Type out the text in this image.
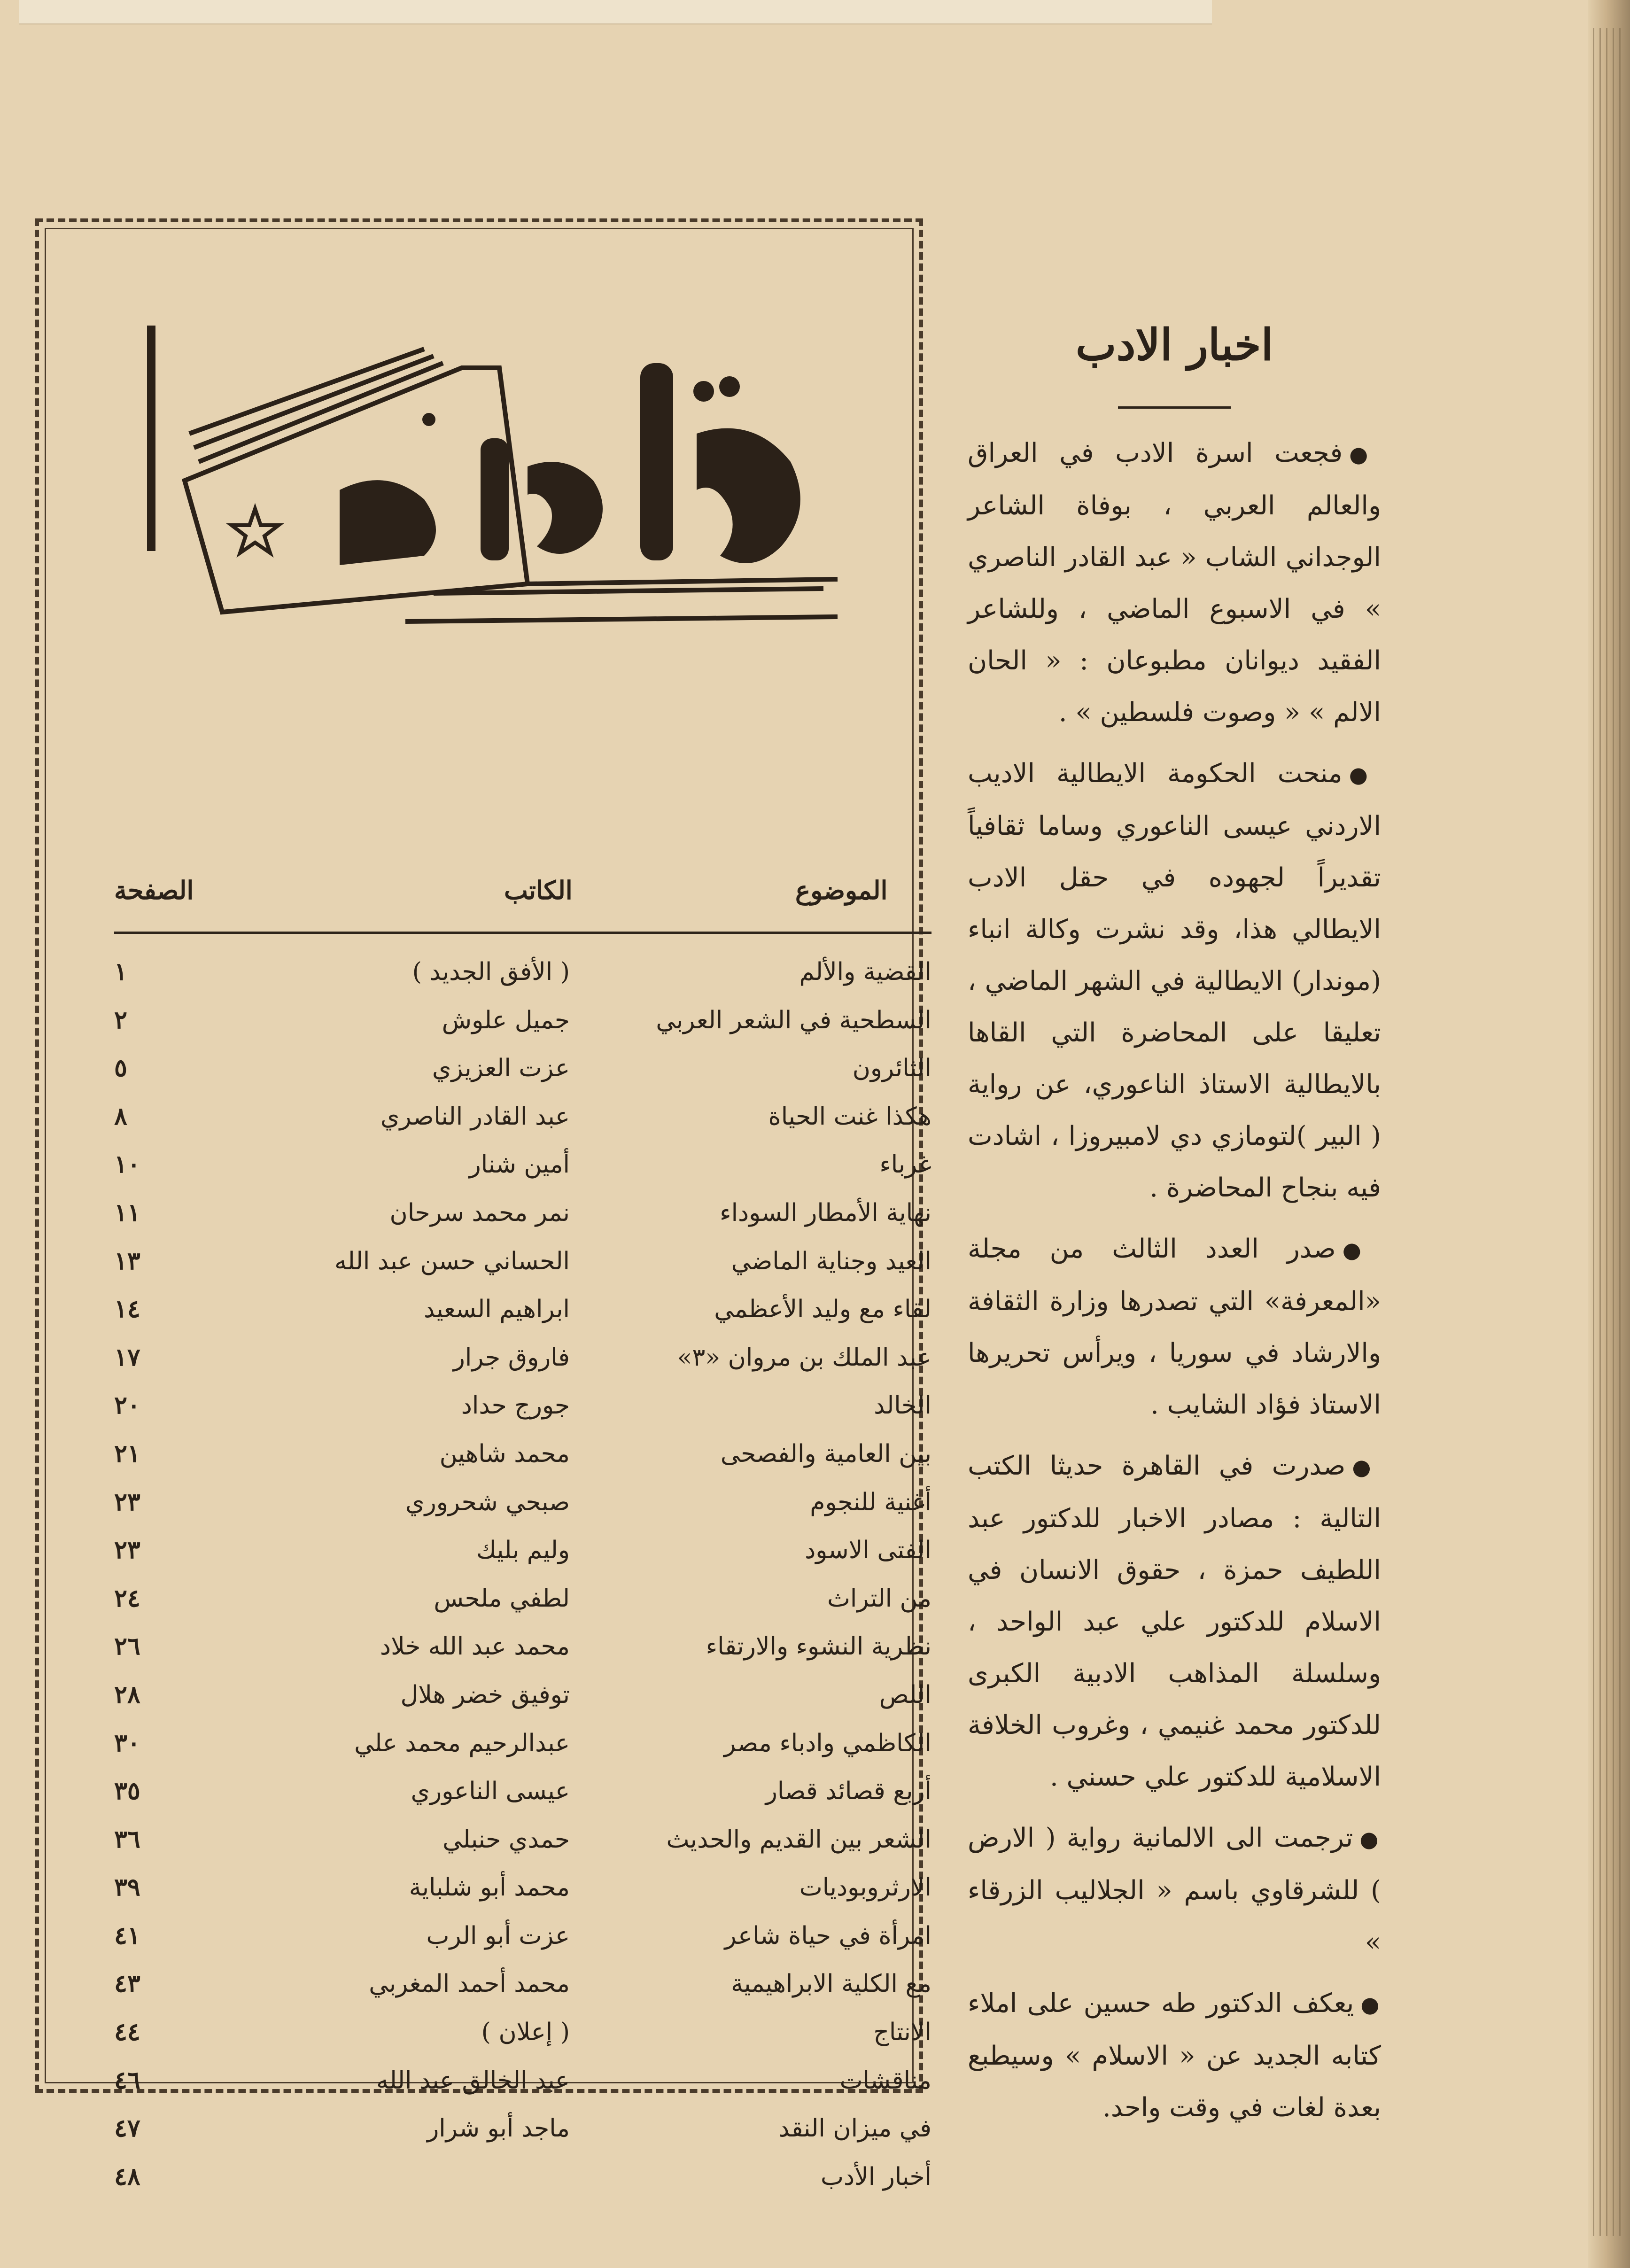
الموضوع
الكاتب
الصفحة
القضية والألم
( الأفق الجديد )
١
السطحية في الشعر العربي
جميل علوش
٢
الثائرون
عزت العزيزي
٥
هكذا غنت الحياة
عبد القادر الناصري
٨
غرباء
أمين شنار
١٠
نهاية الأمطار السوداء
نمر محمد سرحان
١١
العيد وجناية الماضي
الحساني حسن عبد الله
١٣
لقاء مع وليد الأعظمي
ابراهيم السعيد
١٤
عبد الملك بن مروان «٣»
فاروق جرار
١٧
الخالد
جورج حداد
٢٠
بين العامية والفصحى
محمد شاهين
٢١
أغنية للنجوم
صبحي شحروري
٢٣
الفتى الاسود
وليم بليك
٢٣
من التراث
لطفي ملحس
٢٤
نظرية النشوء والارتقاء
محمد عبد الله خلاد
٢٦
اللص
توفيق خضر هلال
٢٨
الكاظمي وادباء مصر
عبدالرحيم محمد علي
٣٠
أربع قصائد قصار
عيسى الناعوري
٣٥
الشعر بين القديم والحديث
حمدي حنبلي
٣٦
الارثروبوديات
محمد أبو شلباية
٣٩
امرأة في حياة شاعر
عزت أبو الرب
٤١
مع الكلية الابراهيمية
محمد أحمد المغربي
٤٣
الانتاج
( إعلان )
٤٤
مناقشات
عبد الخالق عبد الله
٤٦
في ميزان النقد
ماجد أبو شرار
٤٧
أخبار الأدب
٤٨
اخبار الادب

●فجعت اسرة الادب في العراق والعالم العربي ، بوفاة الشاعر الوجداني الشاب « عبد القادر الناصري » في الاسبوع الماضي ، وللشاعر الفقيد ديوانان مطبوعان : « الحان الالم » « وصوت فلسطين » .

●منحت الحكومة الايطالية الاديب الاردني عيسى الناعوري وساما ثقافياً تقديراً لجهوده في حقل الادب الايطالي هذا، وقد نشرت وكالة انباء (موندار) الايطالية في الشهر الماضي ، تعليقا على المحاضرة التي القاها بالايطالية الاستاذ الناعوري، عن رواية ( البير )لتومازي دي لامبيروزا ، اشادت فيه بنجاح المحاضرة .

●صدر العدد الثالث من مجلة «المعرفة» التي تصدرها وزارة الثقافة والارشاد في سوريا ، ويرأس تحريرها الاستاذ فؤاد الشايب .

●صدرت في القاهرة حديثا الكتب التالية : مصادر الاخبار للدكتور عبد اللطيف حمزة ، حقوق الانسان في الاسلام للدكتور علي عبد الواحد ، وسلسلة المذاهب الادبية الكبرى للدكتور محمد غنيمي ، وغروب الخلافة الاسلامية للدكتور علي حسني .

●ترجمت الى الالمانية رواية ( الارض ) للشرقاوي باسم « الجلاليب الزرقاء »

●يعكف الدكتور طه حسين على املاء كتابه الجديد عن « الاسلام » وسيطبع بعدة لغات في وقت واحد.
